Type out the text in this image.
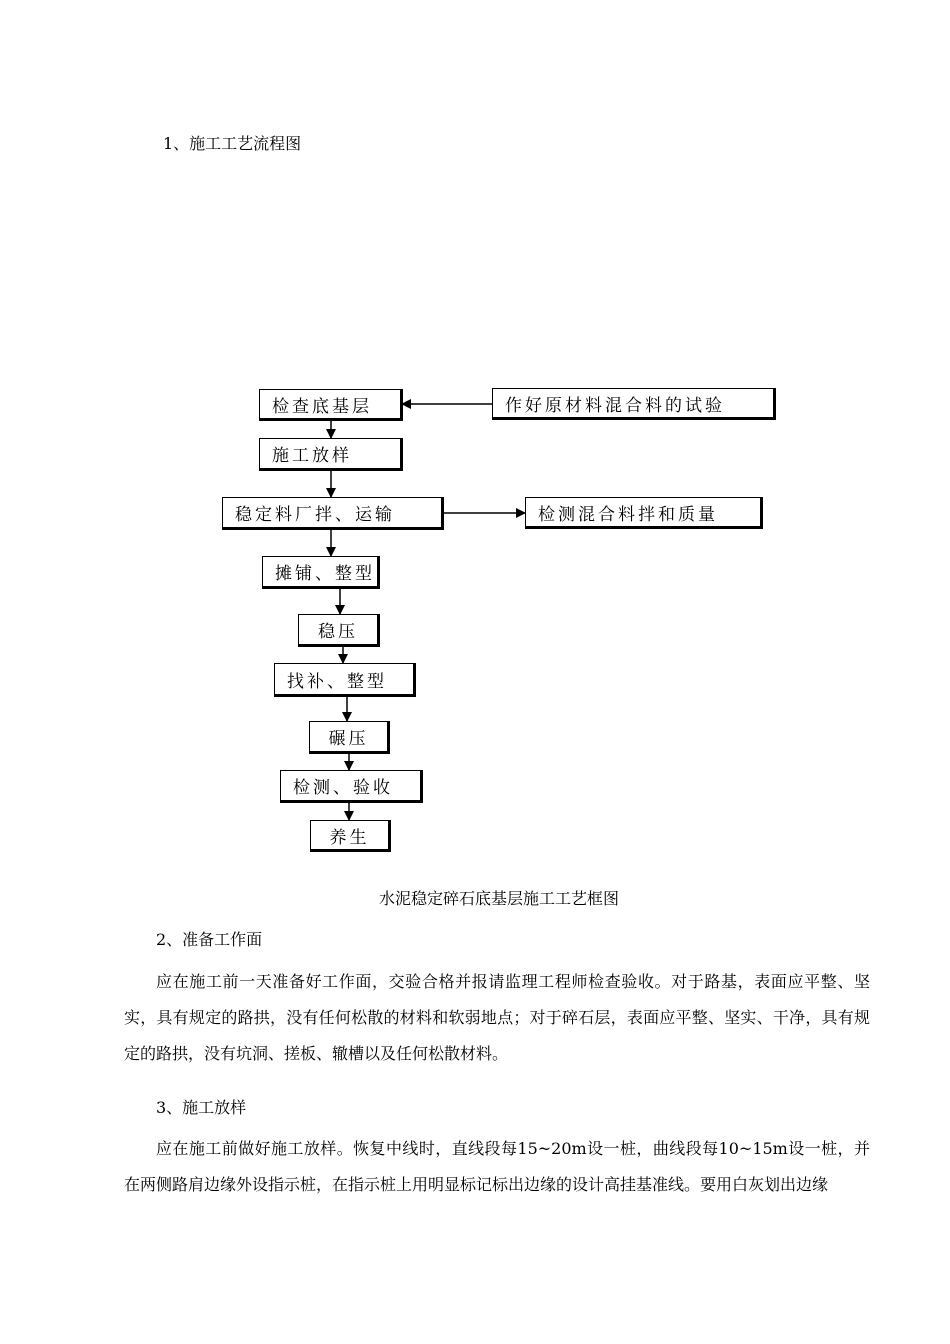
1、施工工艺流程图
检查底基层	作好原材料混合料的试验
施工放样
稳定料厂拌、运输	检测混合料拌和质量
摊铺、整型
稳压
找补、整型
碾压
检测、验收
养生
水泥稳定碎石底基层施工工艺框图
2、准备工作面

应在施工前一天准备好工作面，交验合格并报请监理工程师检查验收。对于路基，表面应平整、坚实，具有规定的路拱，没有任何松散的材料和软弱地点；对于碎石层，表面应平整、坚实、干净，具有规定的路拱，没有坑洞、搓板、辙槽以及任何松散材料。

3、施工放样

应在施工前做好施工放样。恢复中线时，直线段每15~20m设一桩，曲线段每10~15m设一桩，并在两侧路肩边缘外设指示桩，在指示桩上用明显标记标出边缘的设计高挂基准线。要用白灰划出边缘
